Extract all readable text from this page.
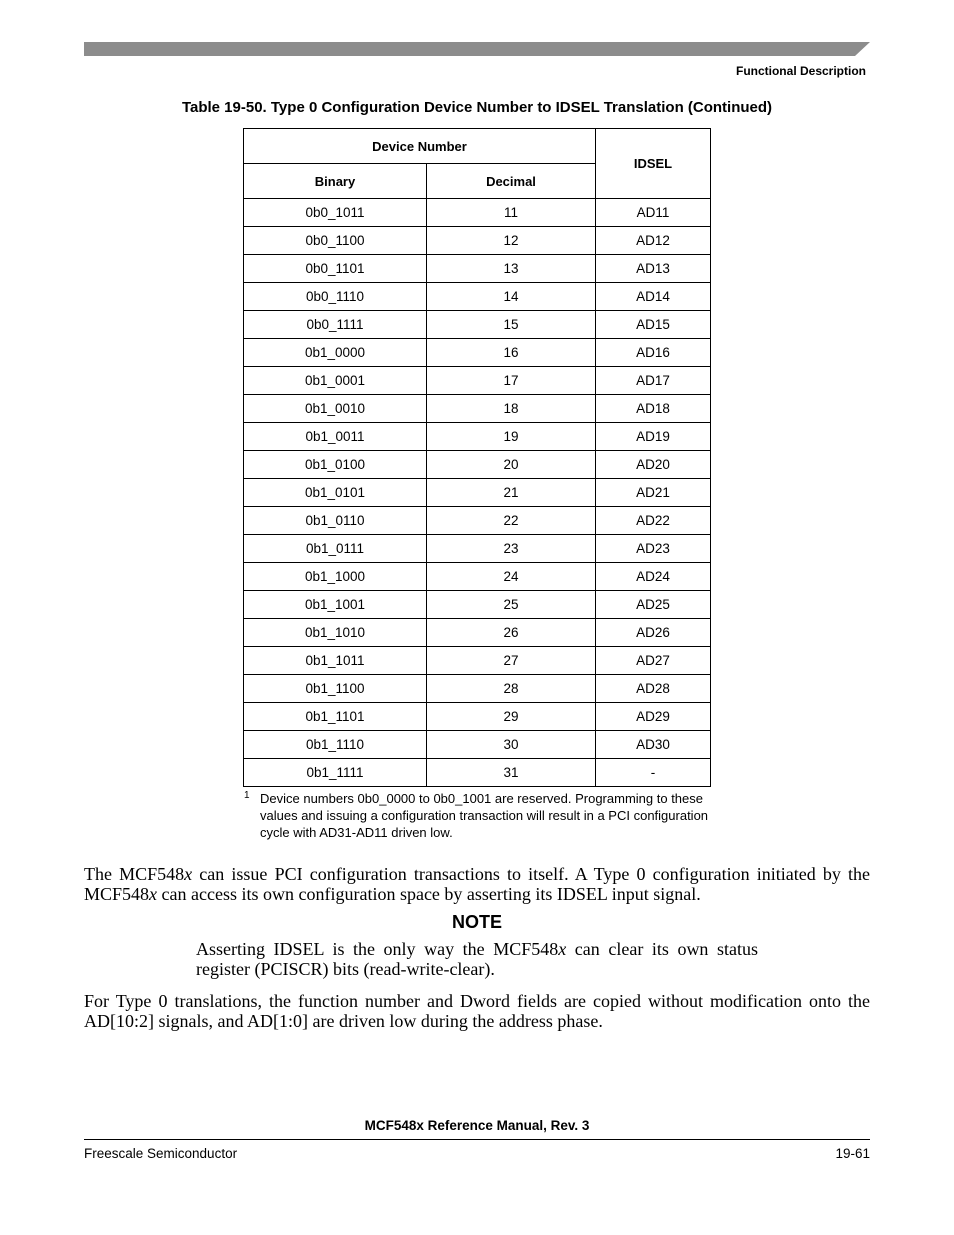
Functional Description
Table 19-50. Type 0 Configuration Device Number to IDSEL Translation (Continued)
Device Number		IDSEL
Binary	Decimal	
0b0_1011	11	AD11
0b0_1100	12	AD12
0b0_1101	13	AD13
0b0_1110	14	AD14
0b0_1111	15	AD15
0b1_0000	16	AD16
0b1_0001	17	AD17
0b1_0010	18	AD18
0b1_0011	19	AD19
0b1_0100	20	AD20
0b1_0101	21	AD21
0b1_0110	22	AD22
0b1_0111	23	AD23
0b1_1000	24	AD24
0b1_1001	25	AD25
0b1_1010	26	AD26
0b1_1011	27	AD27
0b1_1100	28	AD28
0b1_1101	29	AD29
0b1_1110	30	AD30
0b1_1111	31	-
1 Device numbers 0b0_0000 to 0b0_1001 are reserved. Programming to these values and issuing a configuration transaction will result in a PCI configuration cycle with AD31-AD11 driven low.
The MCF548x can issue PCI configuration transactions to itself. A Type 0 configuration initiated by the MCF548x can access its own configuration space by asserting its IDSEL input signal.
NOTE
Asserting IDSEL is the only way the MCF548x can clear its own status register (PCISCR) bits (read-write-clear).
For Type 0 translations, the function number and Dword fields are copied without modification onto the AD[10:2] signals, and AD[1:0] are driven low during the address phase.
MCF548x Reference Manual, Rev. 3
Freescale Semiconductor	19-61
